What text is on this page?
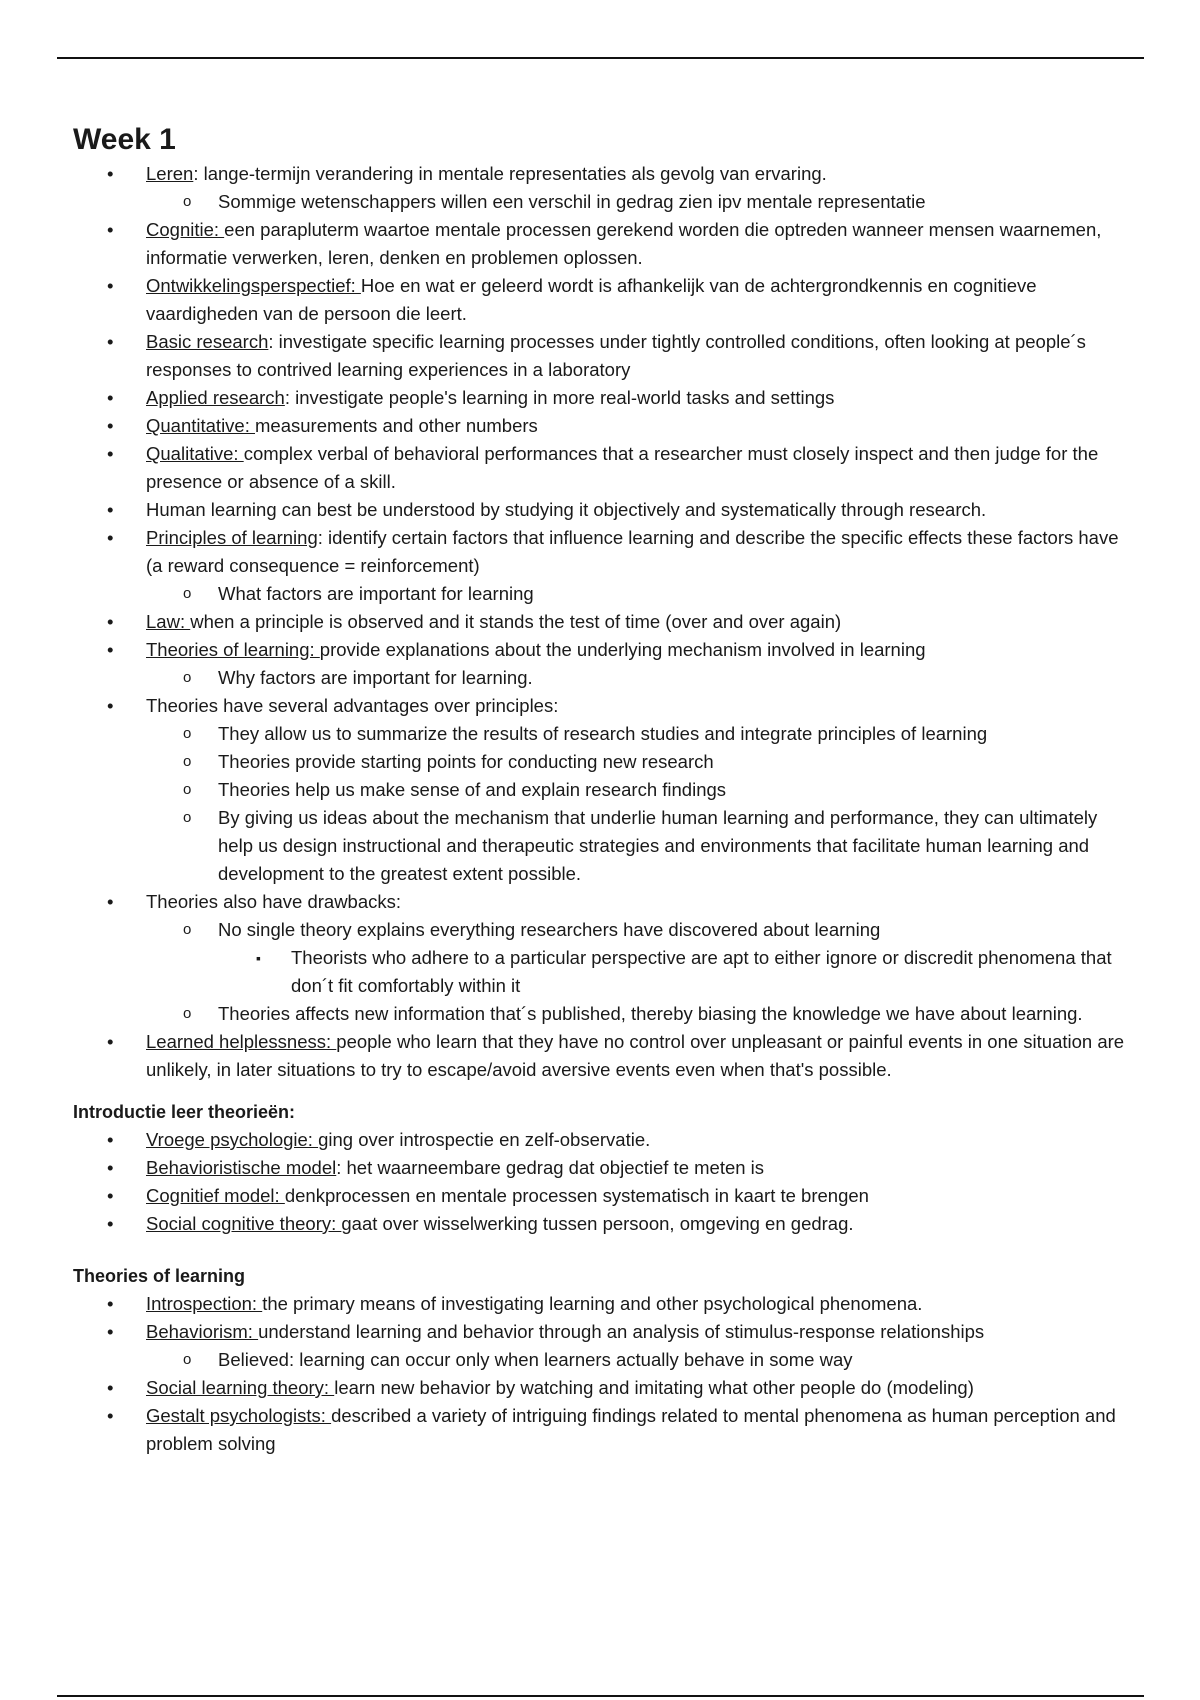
Week 1
• Leren: lange-termijn verandering in mentale representaties als gevolg van ervaring.
o Sommige wetenschappers willen een verschil in gedrag zien ipv mentale representatie
• Cognitie: een parapluterm waartoe mentale processen gerekend worden die optreden wanneer mensen waarnemen, informatie verwerken, leren, denken en problemen oplossen.
• Ontwikkelingsperspectief: Hoe en wat er geleerd wordt is afhankelijk van de achtergrondkennis en cognitieve vaardigheden van de persoon die leert.
• Basic research: investigate specific learning processes under tightly controlled conditions, often looking at people´s responses to contrived learning experiences in a laboratory
• Applied research: investigate people's learning in more real-world tasks and settings
• Quantitative: measurements and other numbers
• Qualitative: complex verbal of behavioral performances that a researcher must closely inspect and then judge for the presence or absence of a skill.
• Human learning can best be understood by studying it objectively and systematically through research.
• Principles of learning: identify certain factors that influence learning and describe the specific effects these factors have (a reward consequence = reinforcement)
o What factors are important for learning
• Law: when a principle is observed and it stands the test of time (over and over again)
• Theories of learning: provide explanations about the underlying mechanism involved in learning
o Why factors are important for learning.
• Theories have several advantages over principles:
o They allow us to summarize the results of research studies and integrate principles of learning
o Theories provide starting points for conducting new research
o Theories help us make sense of and explain research findings
o By giving us ideas about the mechanism that underlie human learning and performance, they can ultimately help us design instructional and therapeutic strategies and environments that facilitate human learning and development to the greatest extent possible.
• Theories also have drawbacks:
o No single theory explains everything researchers have discovered about learning
▪ Theorists who adhere to a particular perspective are apt to either ignore or discredit phenomena that don´t fit comfortably within it
o Theories affects new information that´s published, thereby biasing the knowledge we have about learning.
• Learned helplessness: people who learn that they have no control over unpleasant or painful events in one situation are unlikely, in later situations to try to escape/avoid aversive events even when that's possible.
Introductie leer theorieën:
• Vroege psychologie: ging over introspectie en zelf-observatie.
• Behavioristische model: het waarneembare gedrag dat objectief te meten is
• Cognitief model: denkprocessen en mentale processen systematisch in kaart te brengen
• Social cognitive theory: gaat over wisselwerking tussen persoon, omgeving en gedrag.
Theories of learning
• Introspection: the primary means of investigating learning and other psychological phenomena.
• Behaviorism: understand learning and behavior through an analysis of stimulus-response relationships
o Believed: learning can occur only when learners actually behave in some way
• Social learning theory: learn new behavior by watching and imitating what other people do (modeling)
• Gestalt psychologists: described a variety of intriguing findings related to mental phenomena as human perception and problem solving
